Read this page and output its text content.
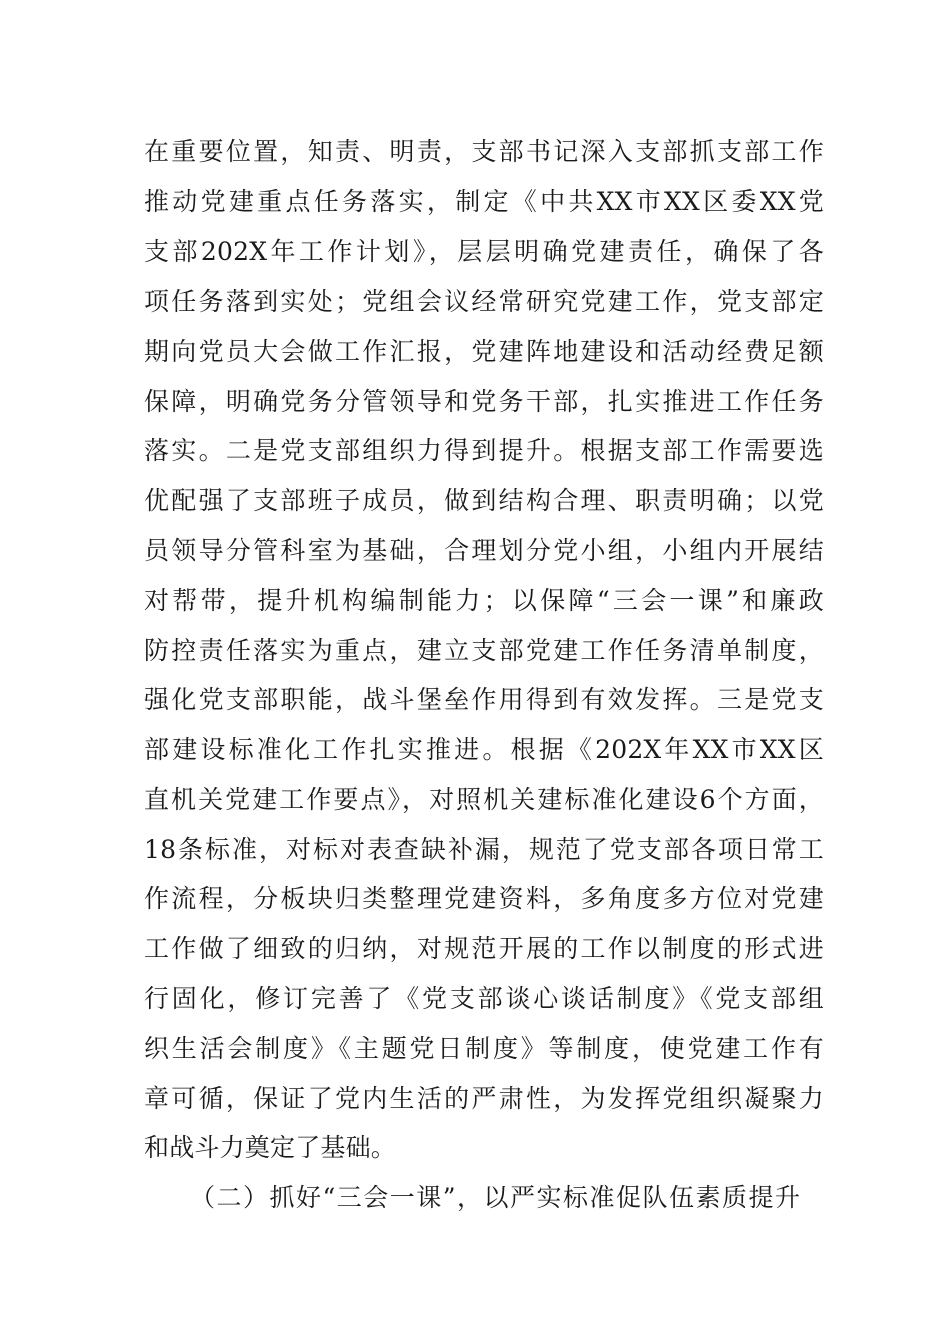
在重要位置，知责、明责，支部书记深入支部抓支部工作
推动党建重点任务落实，制定《中共XX市XX区委XX党
支部202X年工作计划》，层层明确党建责任，确保了各
项任务落到实处；党组会议经常研究党建工作，党支部定
期向党员大会做工作汇报，党建阵地建设和活动经费足额
保障，明确党务分管领导和党务干部，扎实推进工作任务
落实。二是党支部组织力得到提升。根据支部工作需要选
优配强了支部班子成员，做到结构合理、职责明确；以党
员领导分管科室为基础，合理划分党小组，小组内开展结
对帮带，提升机构编制能力；以保障“三会一课”和廉政
防控责任落实为重点，建立支部党建工作任务清单制度，
强化党支部职能，战斗堡垒作用得到有效发挥。三是党支
部建设标准化工作扎实推进。根据《202X年XX市XX区
直机关党建工作要点》，对照机关建标准化建设6个方面，
18条标准，对标对表查缺补漏，规范了党支部各项日常工
作流程，分板块归类整理党建资料，多角度多方位对党建
工作做了细致的归纳，对规范开展的工作以制度的形式进
行固化，修订完善了《党支部谈心谈话制度》《党支部组
织生活会制度》《主题党日制度》等制度，使党建工作有
章可循，保证了党内生活的严肃性，为发挥党组织凝聚力
和战斗力奠定了基础。
（二）抓好“三会一课”，以严实标准促队伍素质提升
